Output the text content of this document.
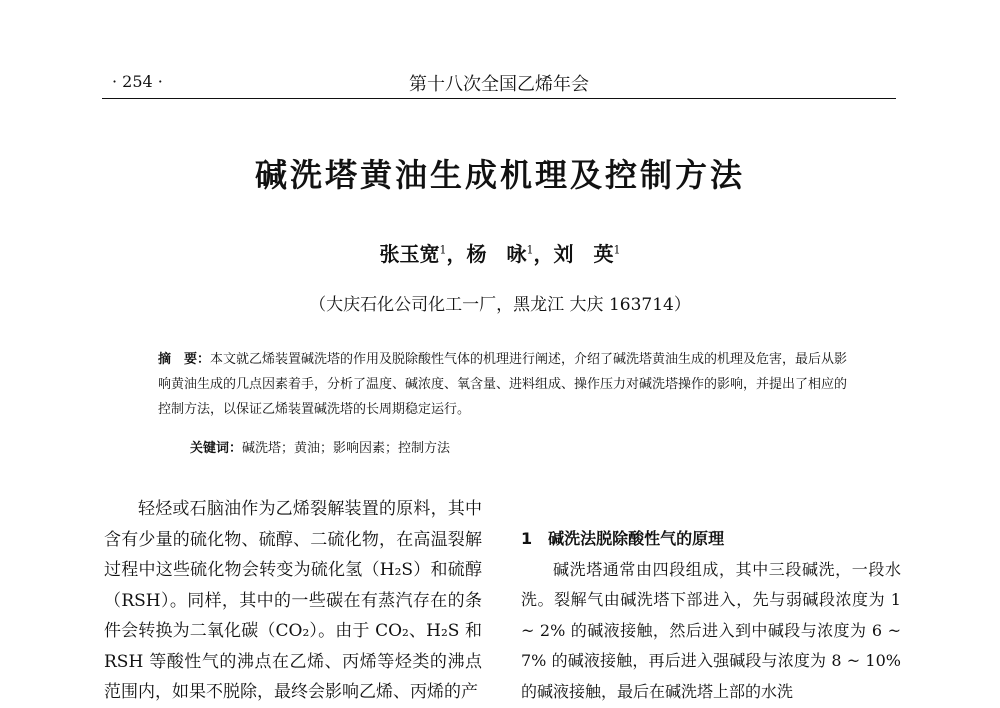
· 254 ·	第十八次全国乙烯年会
碱洗塔黄油生成机理及控制方法
张玉宽$^1$，杨　咏$^1$，刘　英$^1$
（大庆石化公司化工一厂，黑龙江 大庆 163714）
摘　要：本文就乙烯装置碱洗塔的作用及脱除酸性气体的机理进行阐述，介绍了碱洗塔黄油生成的机理及危害，最后从影响黄油生成的几点因素着手，分析了温度、碱浓度、氧含量、进料组成、操作压力对碱洗塔操作的影响，并提出了相应的控制方法，以保证乙烯装置碱洗塔的长周期稳定运行。
关键词：碱洗塔；黄油；影响因素；控制方法

轻烃或石脑油作为乙烯裂解装置的原料，其中含有少量的硫化物、硫醇、二硫化物，在高温裂解过程中这些硫化物会转变为硫化氢（H₂S）和硫醇（RSH）。同样，其中的一些碳在有蒸汽存在的条件会转换为二氧化碳（CO₂）。由于 CO₂、H₂S 和 RSH 等酸性气的沸点在乙烯、丙烯等烃类的沸点范围内，如果不脱除，最终会影响乙烯、丙烯的产

1　碱洗法脱除酸性气的原理

碱洗塔通常由四段组成，其中三段碱洗，一段水洗。裂解气由碱洗塔下部进入，先与弱碱段浓度为 1 ~ 2% 的碱液接触，然后进入到中碱段与浓度为 6 ~ 7% 的碱液接触，再后进入强碱段与浓度为 8 ~ 10% 的碱液接触，最后在碱洗塔上部的水洗
